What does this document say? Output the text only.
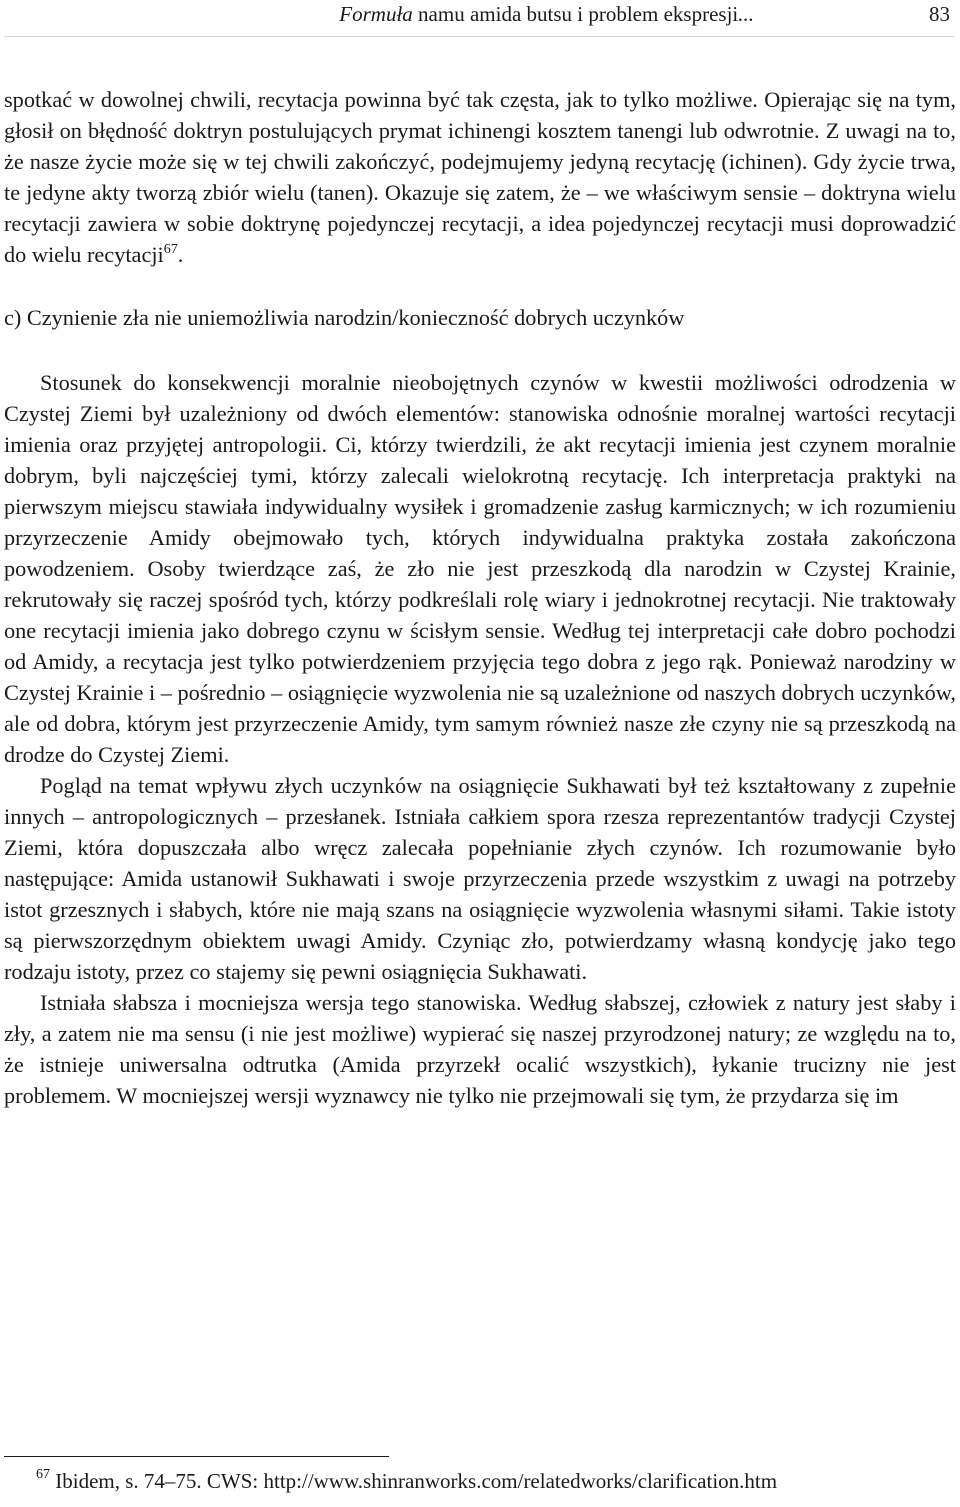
Formuła namu amida butsu i problem ekspresji...	83

spotkać w dowolnej chwili, recytacja powinna być tak częsta, jak to tylko możliwe. Opierając się na tym, głosił on błędność doktryn postulujących prymat ichinengi kosztem tanengi lub odwrotnie. Z uwagi na to, że nasze życie może się w tej chwili zakończyć, podejmujemy jedyną recytację (ichinen). Gdy życie trwa, te jedyne akty tworzą zbiór wielu (tanen). Okazuje się zatem, że – we właściwym sensie – doktryna wielu recytacji zawiera w sobie doktrynę pojedynczej recytacji, a idea pojedynczej recytacji musi doprowadzić do wielu recytacji$^{67}$.

c) Czynienie zła nie uniemożliwia narodzin/konieczność dobrych uczynków

Stosunek do konsekwencji moralnie nieobojętnych czynów w kwestii możliwości odrodzenia w Czystej Ziemi był uzależniony od dwóch elementów: stanowiska odnośnie moralnej wartości recytacji imienia oraz przyjętej antropologii. Ci, którzy twierdzili, że akt recytacji imienia jest czynem moralnie dobrym, byli najczęściej tymi, którzy zalecali wielokrotną recytację. Ich interpretacja praktyki na pierwszym miejscu stawiała indywidualny wysiłek i gromadzenie zasług karmicznych; w ich rozumieniu przyrzeczenie Amidy obejmowało tych, których indywidualna praktyka została zakończona powodzeniem. Osoby twierdzące zaś, że zło nie jest przeszkodą dla narodzin w Czystej Krainie, rekrutowały się raczej spośród tych, którzy podkreślali rolę wiary i jednokrotnej recytacji. Nie traktowały one recytacji imienia jako dobrego czynu w ścisłym sensie. Według tej interpretacji całe dobro pochodzi od Amidy, a recytacja jest tylko potwierdzeniem przyjęcia tego dobra z jego rąk. Ponieważ narodziny w Czystej Krainie i – pośrednio – osiągnięcie wyzwolenia nie są uzależnione od naszych dobrych uczynków, ale od dobra, którym jest przyrzeczenie Amidy, tym samym również nasze złe czyny nie są przeszkodą na drodze do Czystej Ziemi.

Pogląd na temat wpływu złych uczynków na osiągnięcie Sukhawati był też kształtowany z zupełnie innych – antropologicznych – przesłanek. Istniała całkiem spora rzesza reprezentantów tradycji Czystej Ziemi, która dopuszczała albo wręcz zalecała popełnianie złych czynów. Ich rozumowanie było następujące: Amida ustanowił Sukhawati i swoje przyrzeczenia przede wszystkim z uwagi na potrzeby istot grzesznych i słabych, które nie mają szans na osiągnięcie wyzwolenia własnymi siłami. Takie istoty są pierwszorzędnym obiektem uwagi Amidy. Czyniąc zło, potwierdzamy własną kondycję jako tego rodzaju istoty, przez co stajemy się pewni osiągnięcia Sukhawati.

Istniała słabsza i mocniejsza wersja tego stanowiska. Według słabszej, człowiek z natury jest słaby i zły, a zatem nie ma sensu (i nie jest możliwe) wypierać się naszej przyrodzonej natury; ze względu na to, że istnieje uniwersalna odtrutka (Amida przyrzekł ocalić wszystkich), łykanie trucizny nie jest problemem. W mocniejszej wersji wyznawcy nie tylko nie przejmowali się tym, że przydarza się im

$^{67}$ Ibidem, s. 74–75. CWS: http://www.shinranworks.com/relatedworks/clarification.htm
